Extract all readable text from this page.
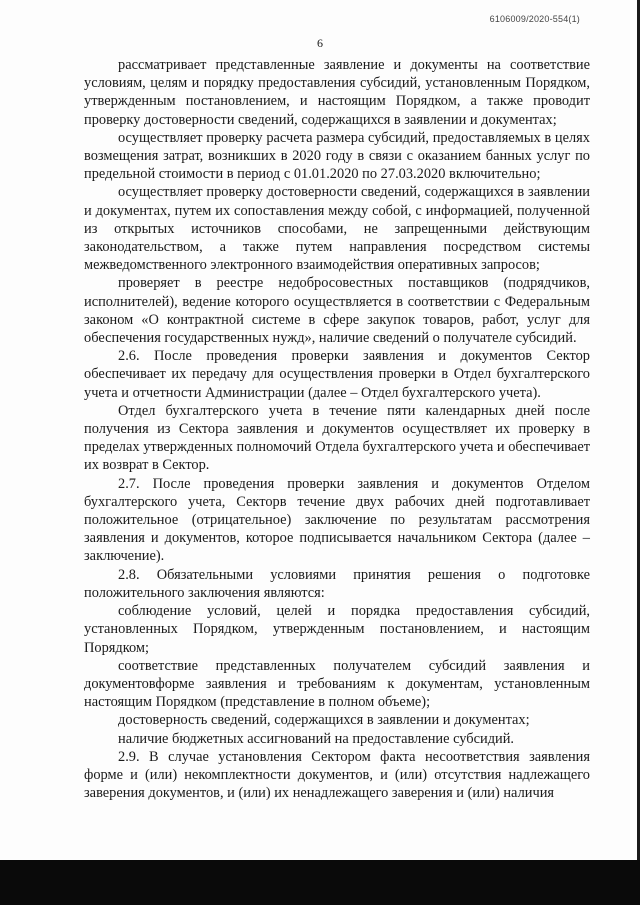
6106009/2020-554(1)
6

рассматривает представленные заявление и документы на соответствие условиям, целям и порядку предоставления субсидий, установленным Порядком, утвержденным постановлением, и настоящим Порядком, а также проводит проверку достоверности сведений, содержащихся в заявлении и документах;

осуществляет проверку расчета размера субсидий, предоставляемых в целях возмещения затрат, возникших в 2020 году в связи с оказанием банных услуг по предельной стоимости в период с 01.01.2020 по 27.03.2020 включительно;

осуществляет проверку достоверности сведений, содержащихся в заявлении и документах, путем их сопоставления между собой, с информацией, полученной из открытых источников способами, не запрещенными действующим законодательством, а также путем направления посредством системы межведомственного электронного взаимодействия оперативных запросов;

проверяет в реестре недобросовестных поставщиков (подрядчиков, исполнителей), ведение которого осуществляется в соответствии с Федеральным законом «О контрактной системе в сфере закупок товаров, работ, услуг для обеспечения государственных нужд», наличие сведений о получателе субсидий.

2.6. После проведения проверки заявления и документов Сектор обеспечивает их передачу для осуществления проверки в Отдел бухгалтерского учета и отчетности Администрации (далее – Отдел бухгалтерского учета).

Отдел бухгалтерского учета в течение пяти календарных дней после получения из Сектора заявления и документов осуществляет их проверку в пределах утвержденных полномочий Отдела бухгалтерского учета и обеспечивает их возврат в Сектор.

2.7. После проведения проверки заявления и документов Отделом бухгалтерского учета, Секторв течение двух рабочих дней подготавливает положительное (отрицательное) заключение по результатам рассмотрения заявления и документов, которое подписывается начальником Сектора (далее – заключение).

2.8. Обязательными условиями принятия решения о подготовке положительного заключения являются:

соблюдение условий, целей и порядка предоставления субсидий, установленных Порядком, утвержденным постановлением, и настоящим Порядком;

соответствие представленных получателем субсидий заявления и документовформе заявления и требованиям к документам, установленным настоящим Порядком (представление в полном объеме);

достоверность сведений, содержащихся в заявлении и документах;

наличие бюджетных ассигнований на предоставление субсидий.

2.9. В случае установления Сектором факта несоответствия заявления форме и (или) некомплектности документов, и (или) отсутствия надлежащего заверения документов, и (или) их ненадлежащего заверения и (или) наличия
